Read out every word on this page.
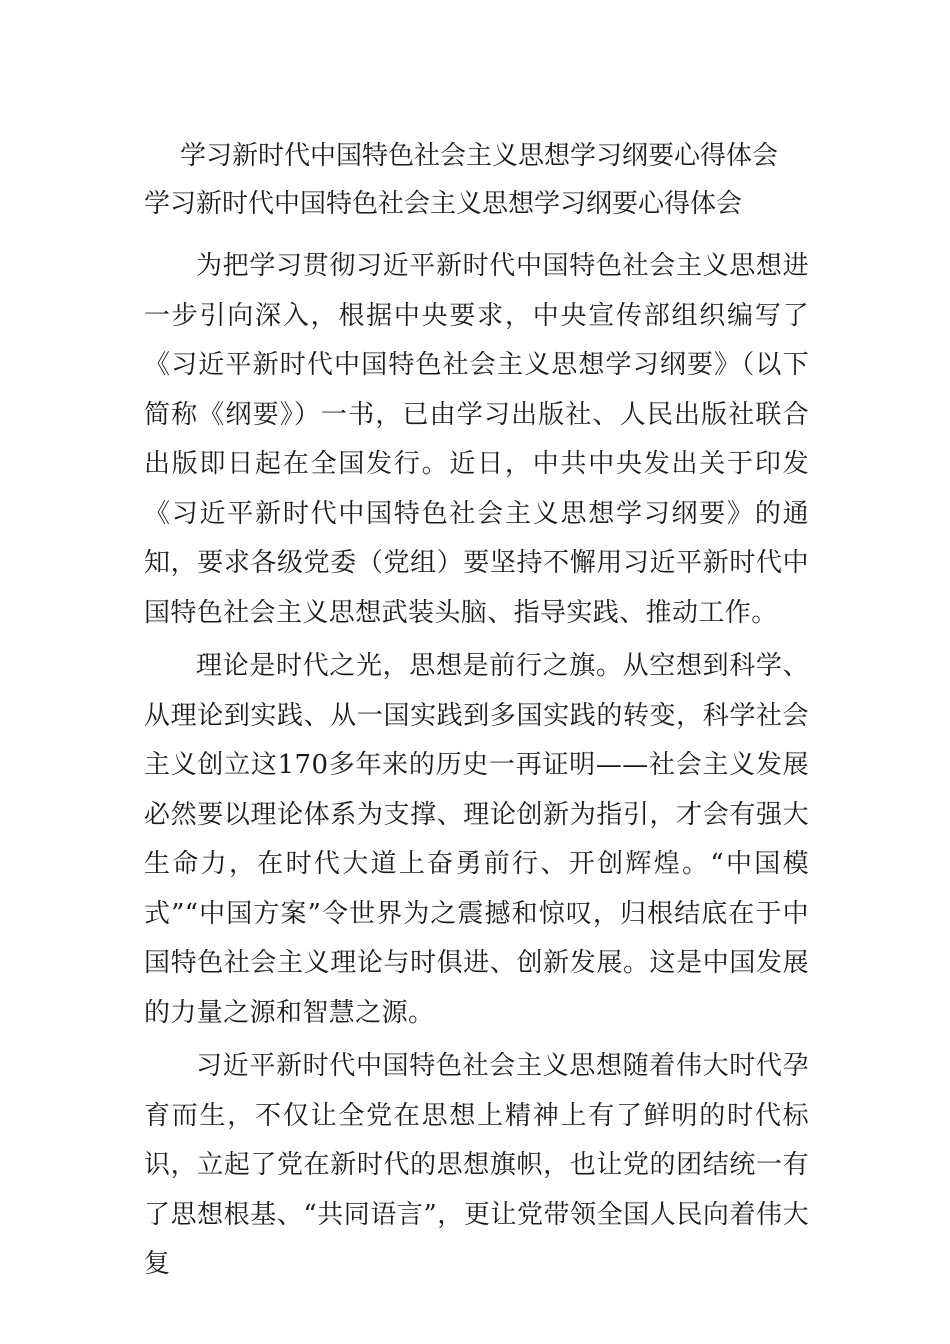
学习新时代中国特色社会主义思想学习纲要心得体会
学习新时代中国特色社会主义思想学习纲要心得体会

为把学习贯彻习近平新时代中国特色社会主义思想进一步引向深入，根据中央要求，中央宣传部组织编写了《习近平新时代中国特色社会主义思想学习纲要》（以下简称《纲要》）一书，已由学习出版社、人民出版社联合出版即日起在全国发行。近日，中共中央发出关于印发《习近平新时代中国特色社会主义思想学习纲要》的通知，要求各级党委（党组）要坚持不懈用习近平新时代中国特色社会主义思想武装头脑、指导实践、推动工作。

理论是时代之光，思想是前行之旗。从空想到科学、从理论到实践、从一国实践到多国实践的转变，科学社会主义创立这170多年来的历史一再证明——社会主义发展必然要以理论体系为支撑、理论创新为指引，才会有强大生命力，在时代大道上奋勇前行、开创辉煌。“中国模式”“中国方案”令世界为之震撼和惊叹，归根结底在于中国特色社会主义理论与时俱进、创新发展。这是中国发展的力量之源和智慧之源。

习近平新时代中国特色社会主义思想随着伟大时代孕育而生，不仅让全党在思想上精神上有了鲜明的时代标识，立起了党在新时代的思想旗帜，也让党的团结统一有了思想根基、“共同语言”，更让党带领全国人民向着伟大复
